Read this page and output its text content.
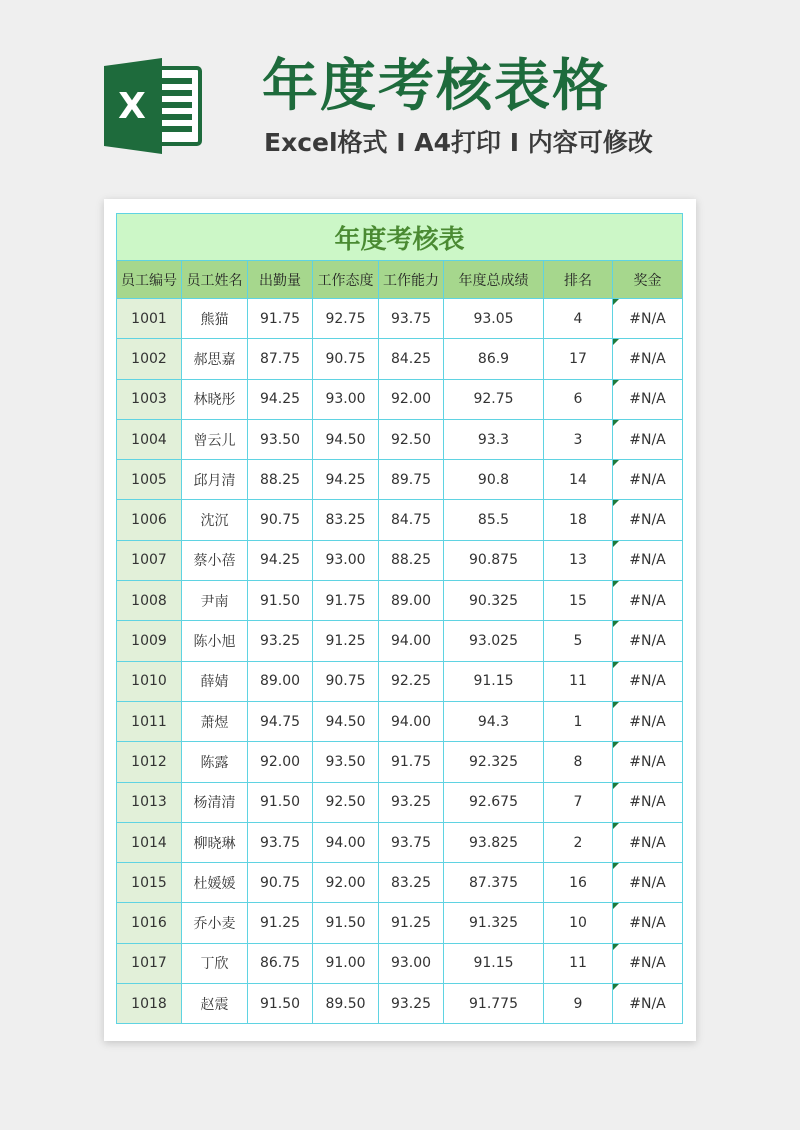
X 年度考核表格
Excel格式 I A4打印 I 内容可修改
年度考核表							
员工编号	员工姓名	出勤量	工作态度	工作能力	年度总成绩	排名	奖金
1001	熊猫	91.75	92.75	93.75	93.05	4	#N/A
1002	郝思嘉	87.75	90.75	84.25	86.9	17	#N/A
1003	林晓彤	94.25	93.00	92.00	92.75	6	#N/A
1004	曾云儿	93.50	94.50	92.50	93.3	3	#N/A
1005	邱月清	88.25	94.25	89.75	90.8	14	#N/A
1006	沈沉	90.75	83.25	84.75	85.5	18	#N/A
1007	蔡小蓓	94.25	93.00	88.25	90.875	13	#N/A
1008	尹南	91.50	91.75	89.00	90.325	15	#N/A
1009	陈小旭	93.25	91.25	94.00	93.025	5	#N/A
1010	薛婧	89.00	90.75	92.25	91.15	11	#N/A
1011	萧煜	94.75	94.50	94.00	94.3	1	#N/A
1012	陈露	92.00	93.50	91.75	92.325	8	#N/A
1013	杨清清	91.50	92.50	93.25	92.675	7	#N/A
1014	柳晓琳	93.75	94.00	93.75	93.825	2	#N/A
1015	杜媛媛	90.75	92.00	83.25	87.375	16	#N/A
1016	乔小麦	91.25	91.50	91.25	91.325	10	#N/A
1017	丁欣	86.75	91.00	93.00	91.15	11	#N/A
1018	赵震	91.50	89.50	93.25	91.775	9	#N/A
